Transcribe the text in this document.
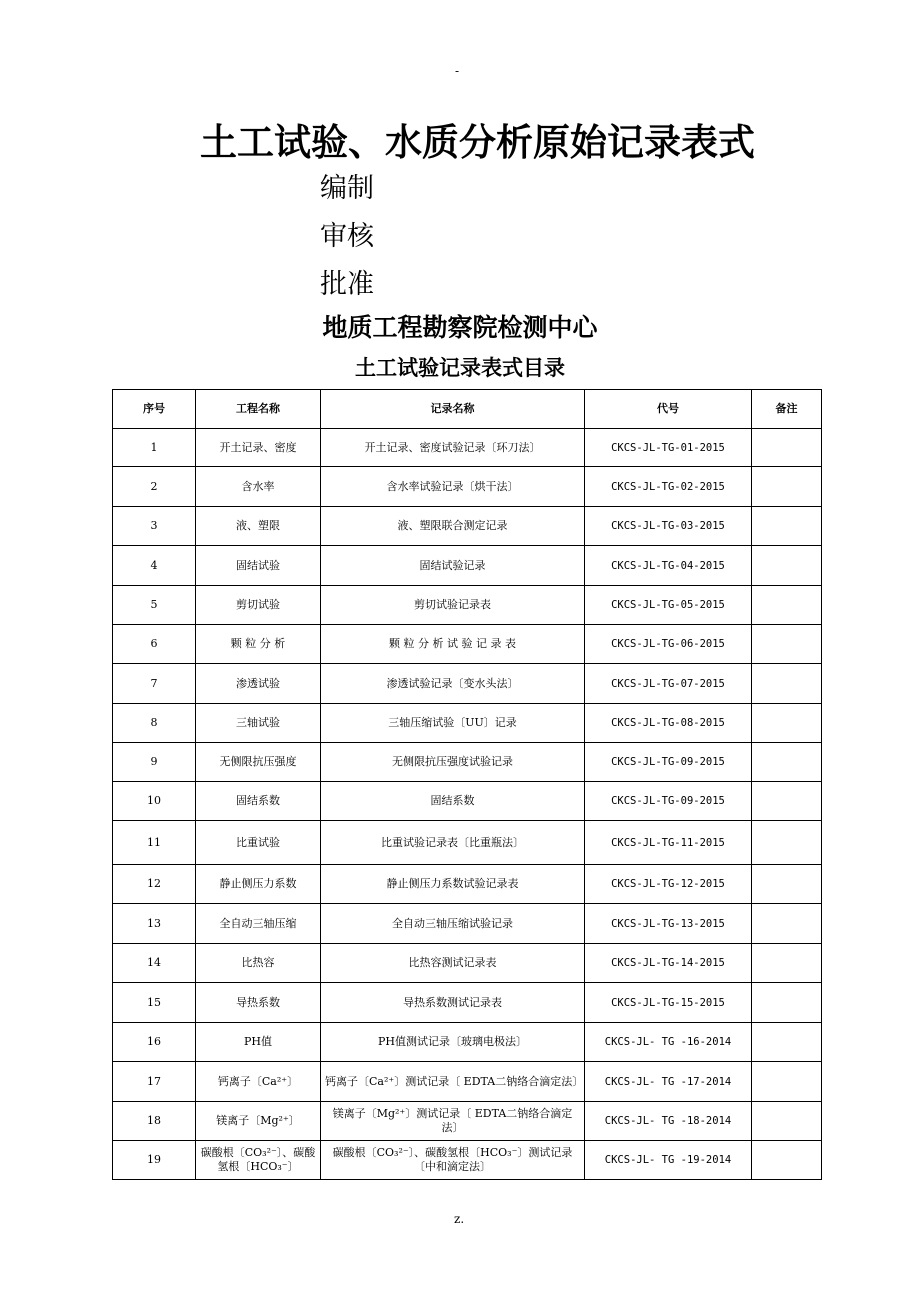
-
土工试验、水质分析原始记录表式
编制
审核
批准
地质工程勘察院检测中心
土工试验记录表式目录
序号	工程名称	记录名称	代号	备注
1	开土记录、密度	开土记录、密度试验记录〔环刀法〕	CKCS-JL-TG-01-2015	
2	含水率	含水率试验记录〔烘干法〕	CKCS-JL-TG-02-2015	
3	液、塑限	液、塑限联合测定记录	CKCS-JL-TG-03-2015	
4	固结试验	固结试验记录	CKCS-JL-TG-04-2015	
5	剪切试验	剪切试验记录表	CKCS-JL-TG-05-2015	
6	颗 粒 分 析	颗 粒 分 析 试 验 记 录 表	CKCS-JL-TG-06-2015	
7	渗透试验	渗透试验记录〔变水头法〕	CKCS-JL-TG-07-2015	
8	三轴试验	三轴压缩试验〔UU〕记录	CKCS-JL-TG-08-2015	
9	无侧限抗压强度	无侧限抗压强度试验记录	CKCS-JL-TG-09-2015	
10	固结系数	固结系数	CKCS-JL-TG-09-2015	
11	比重试验	比重试验记录表〔比重瓶法〕	CKCS-JL-TG-11-2015	
12	静止侧压力系数	静止侧压力系数试验记录表	CKCS-JL-TG-12-2015	
13	全自动三轴压缩	全自动三轴压缩试验记录	CKCS-JL-TG-13-2015	
14	比热容	比热容测试记录表	CKCS-JL-TG-14-2015	
15	导热系数	导热系数测试记录表	CKCS-JL-TG-15-2015	
16	PH值	PH值测试记录〔玻璃电极法〕	CKCS-JL- TG -16-2014	
17	钙离子〔Ca²⁺〕	钙离子〔Ca²⁺〕测试记录〔 EDTA二钠络合滴定法〕	CKCS-JL- TG -17-2014	
18	镁离子〔Mg²⁺〕	镁离子〔Mg²⁺〕测试记录〔 EDTA二钠络合滴定法〕	CKCS-JL- TG -18-2014	
19	碳酸根〔CO₃²⁻〕、碳酸氢根〔HCO₃⁻〕	碳酸根〔CO₃²⁻〕、碳酸氢根〔HCO₃⁻〕测试记录〔中和滴定法〕	CKCS-JL- TG -19-2014	
z.
